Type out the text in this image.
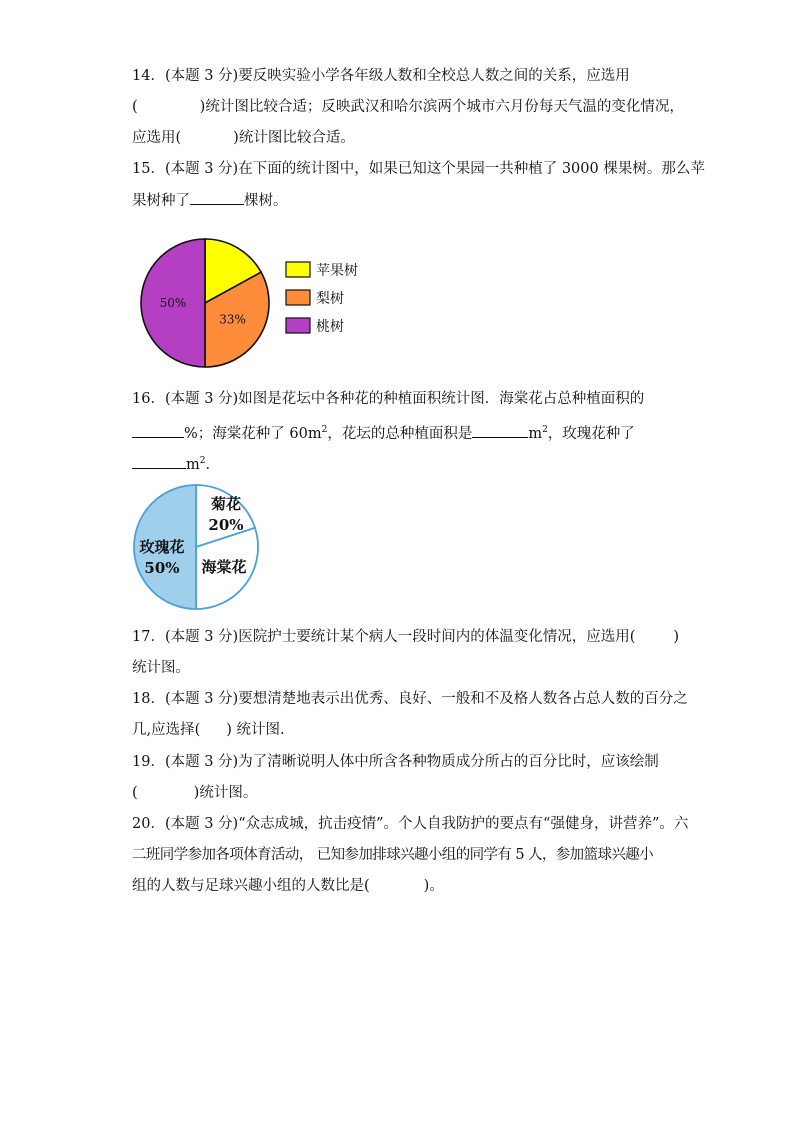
14．(本题 3 分)要反映实验小学各年级人数和全校总人数之间的关系，应选用
(	)统计图比较合适；反映武汉和哈尔滨两个城市六月份每天气温的变化情况，
应选用(	)统计图比较合适。
15．(本题 3 分)在下面的统计图中，如果已知这个果园一共种植了 3000 棵果树。那么苹
果树种了	棵树。
33%
50%
苹果树
梨树
桃树
16．(本题 3 分)如图是花坛中各种花的种植面积统计图．海棠花占总种植面积的
%；海棠花种了 $60m^2$，花坛的总种植面积是	$m^2$，玫瑰花种了
$m^2$．
菊花
20%
海棠花
玫瑰花
50%
17．(本题 3 分)医院护士要统计某个病人一段时间内的体温变化情况，应选用(	)
统计图。
18．(本题 3 分)要想清楚地表示出优秀、良好、一般和不及格人数各占总人数的百分之
几,应选择( ) 统计图.
19．(本题 3 分)为了清晰说明人体中所含各种物质成分所占的百分比时，应该绘制
(	)统计图。
20．(本题 3 分)“众志成城，抗击疫情”。个人自我防护的要点有“强健身，讲营养”。六
二班同学参加各项体育活动， 已知参加排球兴趣小组的同学有 5 人，参加篮球兴趣小
组的人数与足球兴趣小组的人数比是(	)。
